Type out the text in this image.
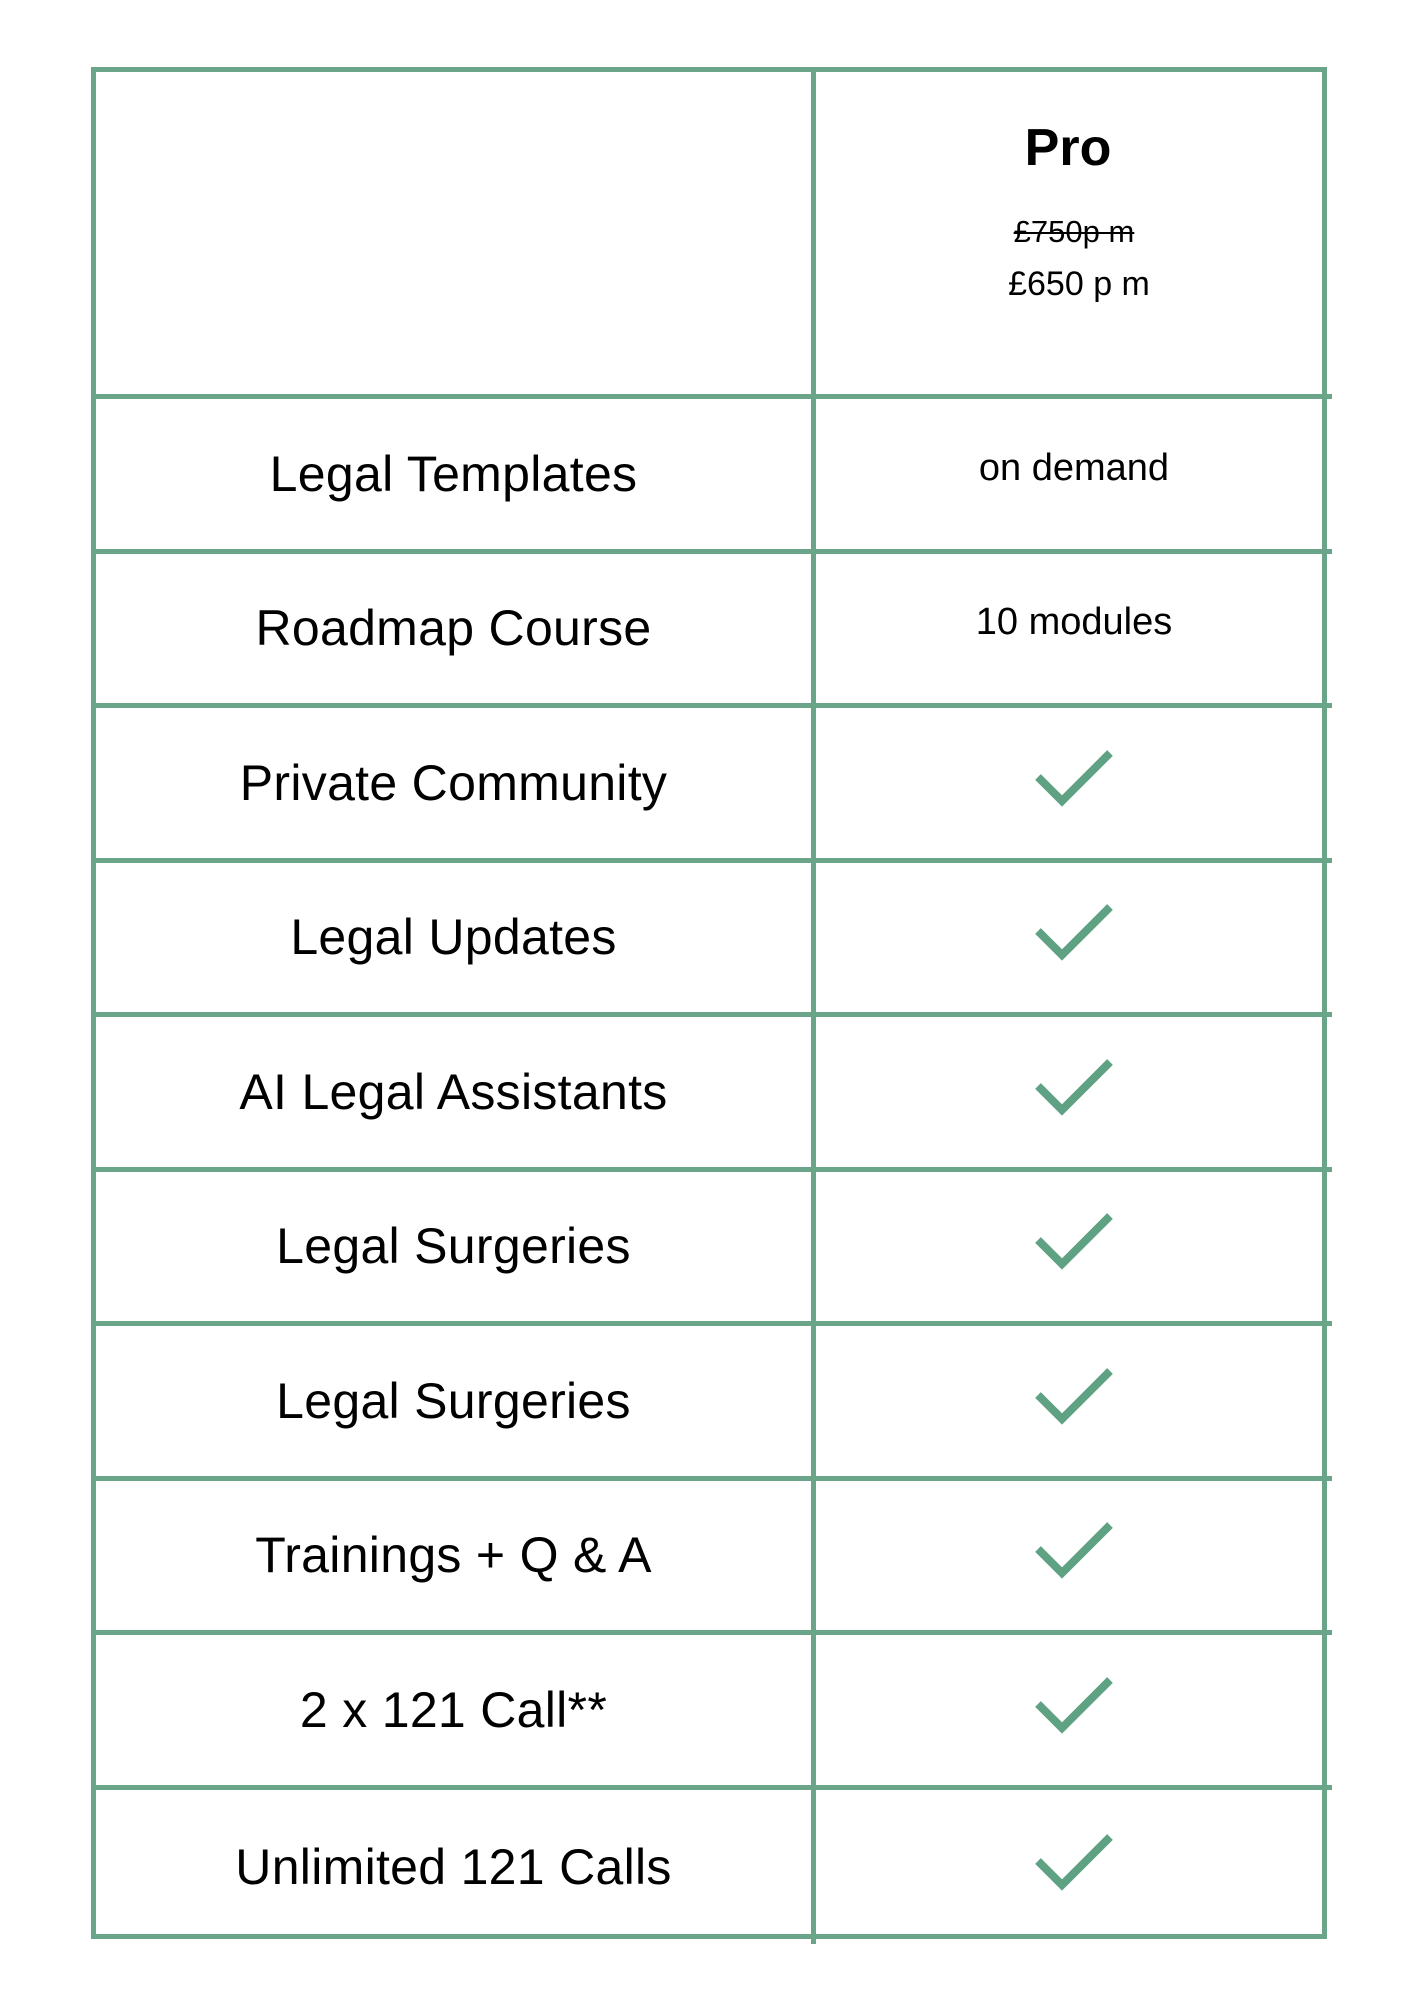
Pro
£750p m
£650 p m
Legal Templates	on demand
Roadmap Course	10 modules
Private Community
Legal Updates
AI Legal Assistants
Legal Surgeries
Legal Surgeries
Trainings + Q & A
2 x 121 Call**
Unlimited 121 Calls
